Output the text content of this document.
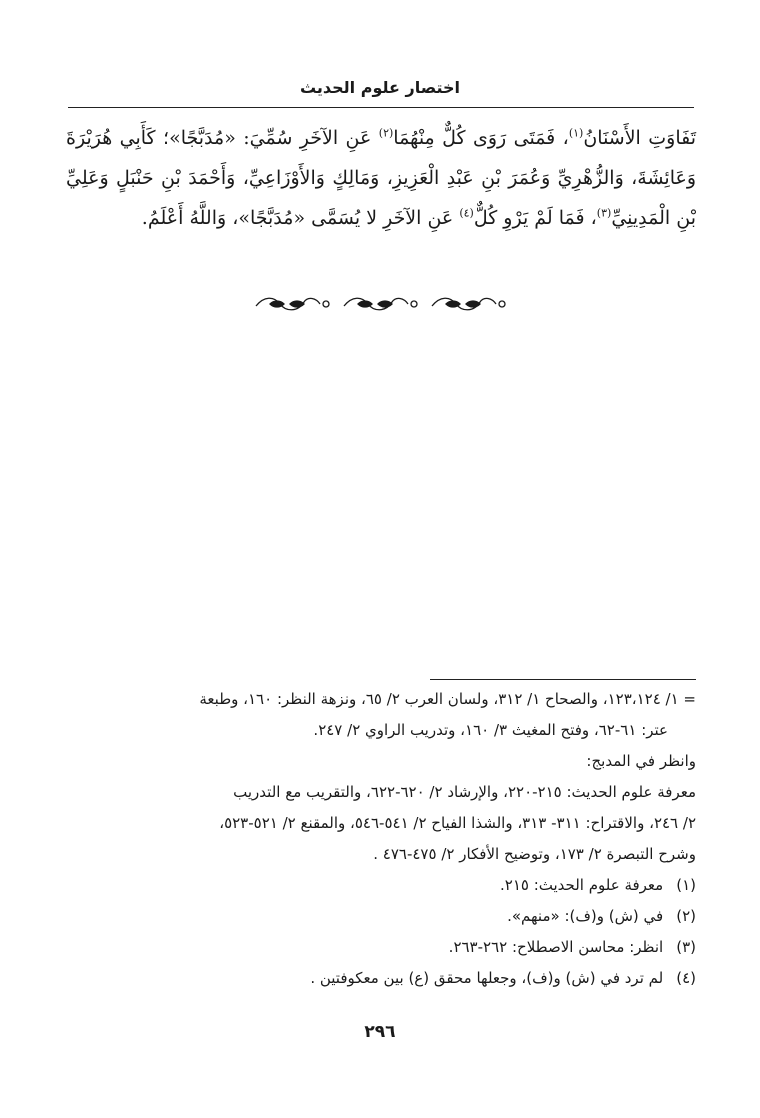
اختصار علوم الحديث
تَفَاوَتِ الأَسْنَانُ$^{(١)}$، فَمَتَى رَوَى كُلٌّ مِنْهُمَا$^{(٢)}$ عَنِ الآخَرِ سُمِّيَ: «مُدَبَّجًا»؛ كَأَبِي هُرَيْرَةَ وَعَائِشَةَ، وَالزُّهْرِيِّ وَعُمَرَ بْنِ عَبْدِ الْعَزِيزِ، وَمَالِكٍ وَالأَوْزَاعِيِّ، وَأَحْمَدَ بْنِ حَنْبَلٍ وَعَلِيِّ بْنِ الْمَدِينِيِّ$^{(٣)}$، فَمَا لَمْ يَرْوِ كُلٌّ$^{(٤)}$ عَنِ الآخَرِ لا يُسَمَّى «مُدَبَّجًا»، وَاللَّهُ أَعْلَمُ.
= ١/ ١٢٣،١٢٤، والصحاح ١/ ٣١٢، ولسان العرب ٢/ ٦٥، ونزهة النظر: ١٦٠، وطبعة
عتر: ٦١-٦٢، وفتح المغيث ٣/ ١٦٠، وتدريب الراوي ٢/ ٢٤٧.
وانظر في المدبج:
معرفة علوم الحديث: ٢١٥-٢٢٠، والإرشاد ٢/ ٦٢٠-٦٢٢، والتقريب مع التدريب
٢/ ٢٤٦، والاقتراح: ٣١١- ٣١٣، والشذا الفياح ٢/ ٥٤١-٥٤٦، والمقنع ٢/ ٥٢١-٥٢٣،
وشرح التبصرة ٢/ ١٧٣، وتوضيح الأفكار ٢/ ٤٧٥-٤٧٦ .
(١) معرفة علوم الحديث: ٢١٥.
(٢) في (ش) و(ف): «منهم».
(٣) انظر: محاسن الاصطلاح: ٢٦٢-٢٦٣.
(٤) لم ترد في (ش) و(ف)، وجعلها محقق (ع) بين معكوفتين .
٢٩٦
